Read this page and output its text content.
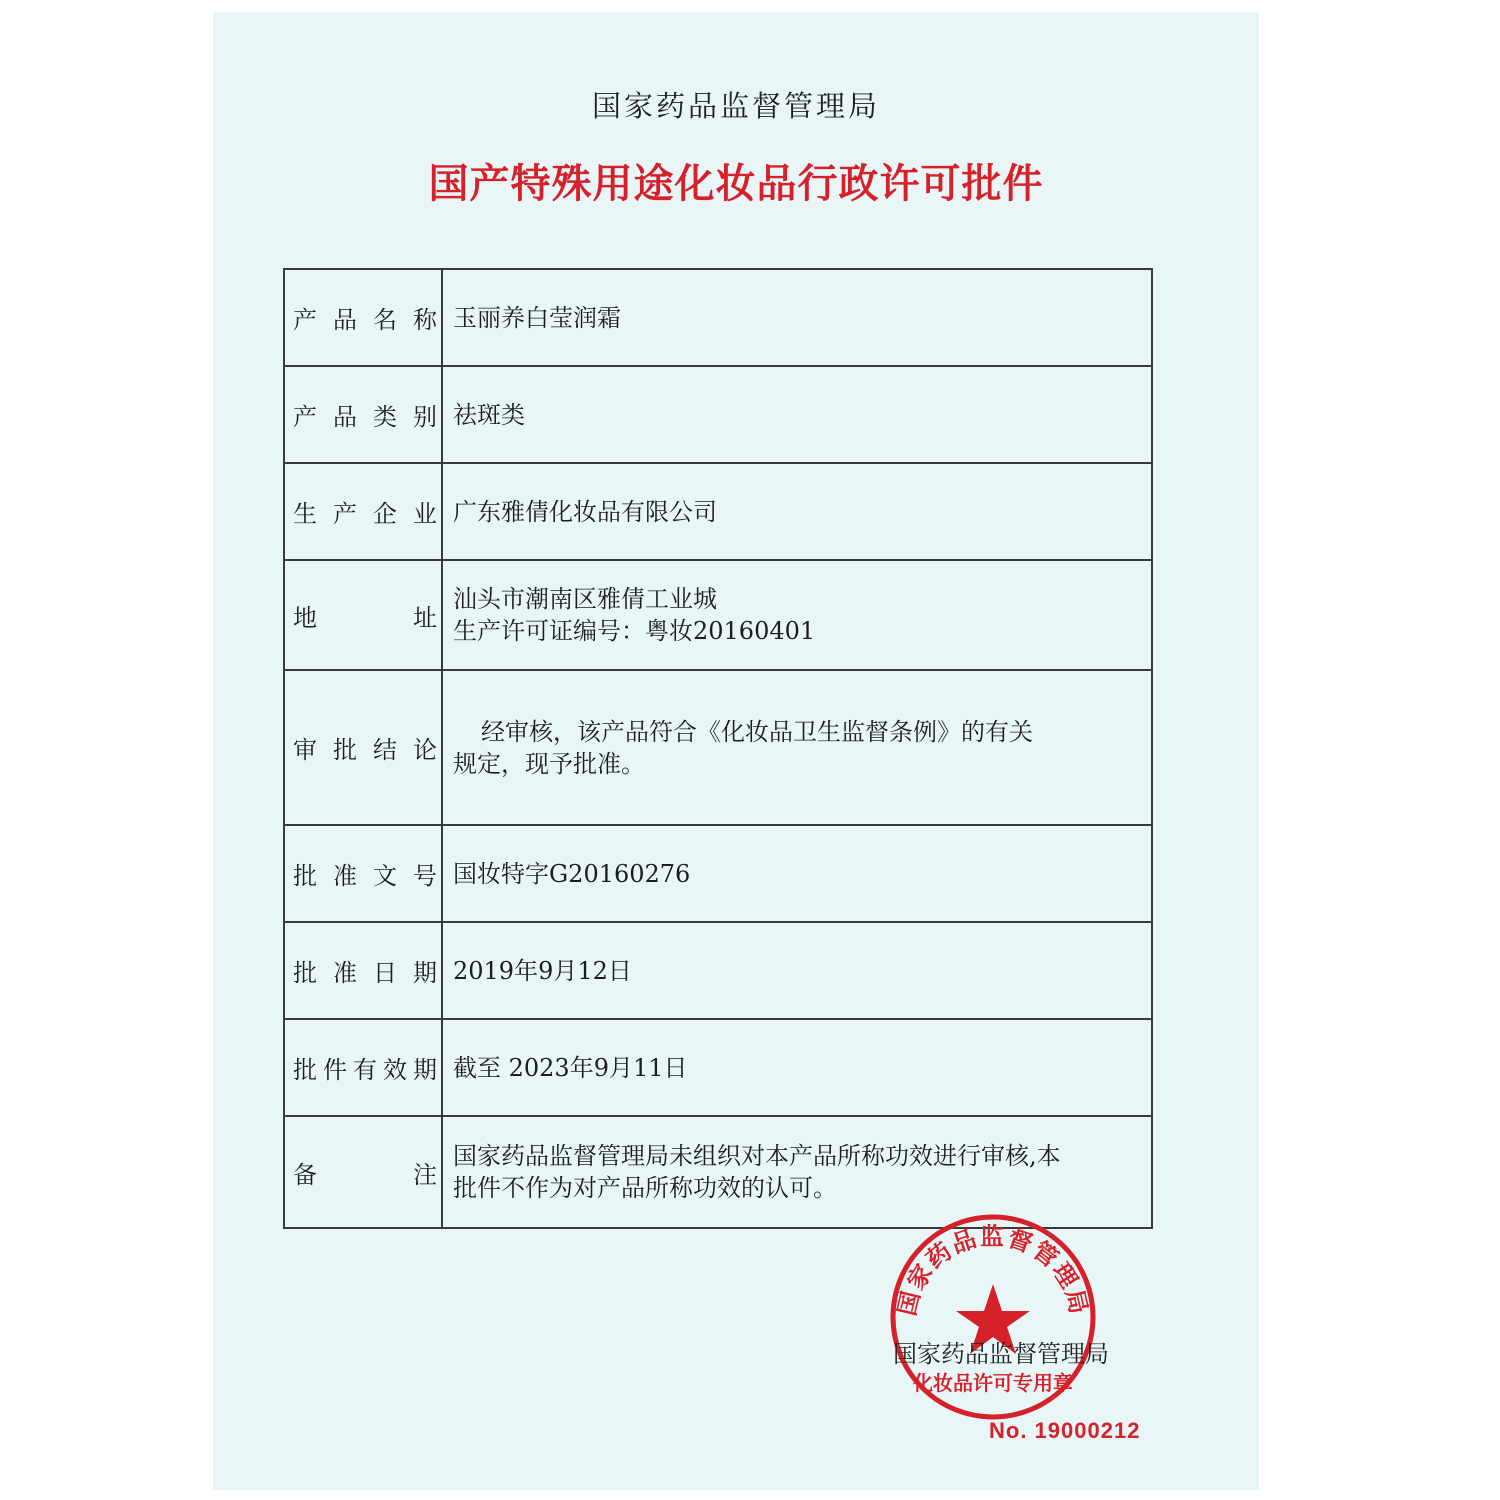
国家药品监督管理局
国产特殊用途化妆品行政许可批件
产 品 名 称	玉丽养白莹润霜

产 品 类 别	祛斑类

生 产 企 业	广东雅倩化妆品有限公司

地 址	汕头市潮南区雅倩工业城
生产许可证编号：粤妆20160401

审 批 结 论	经审核，该产品符合《化妆品卫生监督条例》的有关
规定，现予批准。

批 准 文 号	国妆特字G20160276

批 准 日 期	2019年9月12日

批 件 有 效 期	截至 2023年9月11日

备 注	国家药品监督管理局未组织对本产品所称功效进行审核,本
批件不作为对产品所称功效的认可。
国家药品监督管理局
化妆品许可专用章
国家药品监督管理局
No. 19000212
